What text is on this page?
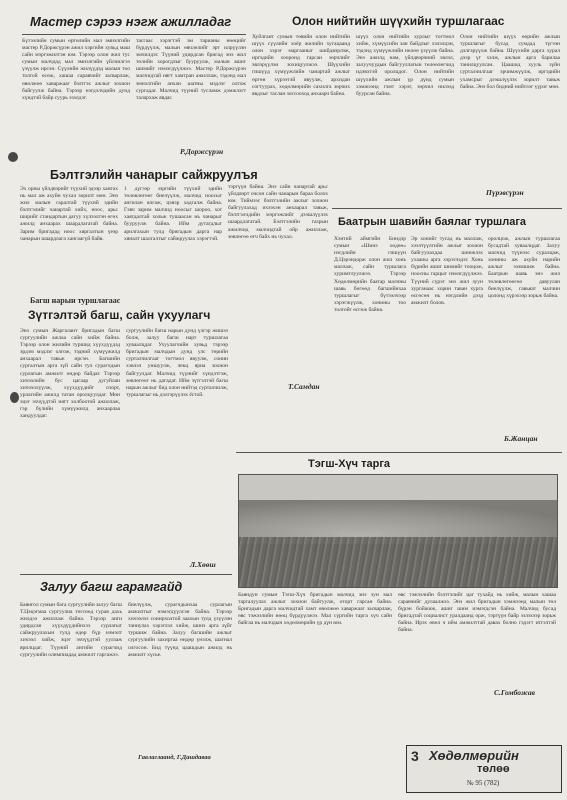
Мастер сэрээ нэгж ажилладаг
Бүтээлийн сумын өртөлийн мал эмнэлгийн мастер Р.Доржсүрэн ажил хэргийн хувьд маш сайн мэргэжилтэн юм. Тэрээр олон жил тус сумын малчдад мал эмнэлгийн үйлчилгээ үзүүлж ирсэн. Сүүлийн жилүүдэд малын тоо толгой өсөж, хашаа саравчийг засварлаж, өвөлжөө хаваржааг бэлтгэх ажлыг зохион байгуулж байна. Тэрээр нэгдэлчдийн дунд хүндтэй байр суурь эзэлдэг.
тасгаас хэрэгтэй эм тарианы нөөцийг бүрдүүлж, малын өвчлөлийг эрт илрүүлэн эмчилдэг. Түүний удирдсан бригад энэ жил төлийн хорогдлыг бууруулж, малын ашиг шимийг нэмэгдүүлжээ. Мастер Р.Доржсүрэн малчидтай нягт хамтран ажиллаж, тэдэнд мал эмнэлгийн анхан шатны мэдлэг олгож сургадаг. Малчид түүний тусламж дэмжлэгт талархаж явдаг.
Р.Доржсүрэн
Олон нийтийн шүүхийн туршлагаас
Хуйлгант сумын төвийн олон нийтийн шүүх сүүлийн хоёр жилийн хугацаанд олон хэрэг маргааныг шийдвэрлэж, иргэдийн хооронд гарсан зөрчлийг эвлэрүүлэн зохицуулжээ. Шүүхийн гишүүд хүмүүжлийн чанартай ажлыг өргөн хүрээтэй явуулж, архидан согтуурах, хөдөлмөрийн сахилга зөрчих явдлыг таслан зогсооход анхаарч байна.
шүүх олон нийтийн хурлыг тогтмол хийж, хүмүүсийн зан байдлыг хэлэлцэн, тэдэнд хүмүүжлийн нөлөө үзүүлж байна. Энэ ажилд нам, үйлдвэрчний эвлэл, залуучуудын байгууллагын төлөөлөгчид идэвхтэй оролцдог. Олон нийтийн шүүхийн ажлын үр дүнд сумын хэмжээнд гэмт хэрэг, зөрчил нилээд буурсан байна.
Олон нийтийн шүүх өөрийн ажлын туршлагыг бусад сумдад түгээн дэлгэрүүлж байна. Шүүхийн дарга хурал дээр үг хэлж, ажлын арга барилаа танилцуулсан. Цаашид хууль зүйн сурталчилгааг эрчимжүүлж, иргэдийн ухамсрыг дээшлүүлэх зорилт тавьж байна. Энэ бол бидний нийтлэг үүрэг мөн.
Пүрэвсүрэн
Бэлтгэлийн чанарыг сайжруулъя
Эх орны үйлдвэрийг түүхий эдээр хангах нь мал аж ахуйн чухал зорилт мөн. Энэ жил малын гаралтай түүхий эдийн бэлтгэлийг чанартай хийх, ноос, арьс ширийг стандартын дагуу хүлээлгэн өгөх ажилд анхаарах шаардлагатай байна. Зарим бригадад ноос хяргалтын үеэр чанарын шаардлага хангаагүй байв.
1 дүгээр зэргийн түүхий эдийн төлөвлөгөөг биелүүлж, малчид ноосыг ангилан ялгаж, цэвэр хадгалж байна. Гэвч зарим малчид ноосыг шороо, хог хаягдалтай хольж тушаасан нь чанарыг бууруулж байна. Ийм дутагдлыг арилгахын тулд бригадын дарга нар хяналт шалгалтыг сайжруулах хэрэгтэй.
тэргүүн байна. Энэ сайн чанартай арьс үйлдвэрт очсон сайн чанарын бараа болох юм. Тиймээс бэлтгэлийн ажлыг зохион байгуулахад ихээхэн анхаарал тавьж, бэлтгэлчдийн мэргэжлийг дээшлүүлэх шаардлагатай. Бэлтгэлийн газрын ажилчид малчидтай ойр ажиллаж, зөвлөгөө өгч байх нь чухал.
Т.Самдан
Багш нарын туршлагаас
Зүтгэлтэй багш, сайн үхуулагч
Энэ сумын Жаргалант бригадын багш сургуулийн ажлаа сайн хийж байна. Тэрээр олон жилийн туршид хүүхдүүдэд эрдэм мэдлэг олгож, тэдний хүмүүжилд анхаарал тавьж ирсэн. Багшийн сургалтын арга зүй сайн тул сурагчдын сурлагын амжилт өндөр байдаг. Тэрээр хичээлийн бус цагаар дугуйлан хичээллүүлж, хүүхдүүдийг спорт, урлагийн ажилд татан оролцуулдаг. Мөн эцэг эхчүүдтэй нягт холбоотой ажиллаж, гэр бүлийн хүмүүжилд анхаарлаа хандуулдаг.
сургуулийн багш нарын дунд үлгэр жишээ болж, залуу багш нарт туршлагаа хуваалцдаг. Ухуулагчийн хувьд тэрээр бригадын малчдын дунд улс төрийн сурталчилгааг тогтмол явуулж, сонин хэвлэл уншуулж, лекц яриа зохион байгуулдаг. Малчид түүнийг хүндэтгэж, зөвлөгөөг нь дагадаг. Ийм зүтгэлтэй багш нарын ажлыг бид олон нийтэд сурталчилж, туршлагыг нь дэлгэрүүлэх ёстой.
Л.Хөөш
Баатрын шавийн баялаг туршлага
Хэнтий аймгийн Биндэр сумын «Шинэ хөдөө» нэгдлийн гишүүн Д.Цэрэндорж олон жил хонь маллаж, сайн туршлага хуримтлуулжээ. Тэрээр Хөдөлмөрийн баатар малчны шавь бөгөөд багшийнхаа туршлагыг бүтээлчээр хэрэгжүүлж, хонины тоо толгойг өсгөж байна.
Эр хонийг тусад нь маллаж, хээлтүүлгийн ажлыг зохион байгуулахдаа шинжлэх ухааны арга хэрэглэдэг. Хонь бүрийн ашиг шимийг тооцож, ноосны гарцыг нэмэгдүүлжээ. Түүний сүрэг энэ жил зуун хурганаас хорин таван хурга өсгөсөн нь нэгдлийн дээд амжилт болов.
оролцож, ажлын туршлагаа бусадтай хуваалцдаг. Залуу малчид түүнээс суралцаж, хонины аж ахуйн нарийн ажлыг эзэмшиж байна. Баатрын шавь энэ жил төлөвлөгөөгөө давуулан биелүүлж, гавьяат малчин цолонд хүрэхээр зорьж байна.
Б.Жанцан
Тэгш-Хүч тарга
Баяндун сумын Тэгш-Хүч бригадын малчид энэ зун мал таргалуулах ажлыг зохион байгуулж, оторт гарсан байна. Бригадын дарга малчидтай хамт өвөлжөө хаваржааг засварлаж, өвс тэжээлийн нөөц бүрдүүлжээ. Мал сүргийн тарга хүч сайн байгаа нь малчдын хөдөлмөрийн үр дүн юм.
өвс тэжээлийн бэлтгэлийг цаг тухайд нь хийж, малын хашаа саравчийг дулаалжээ. Энэ жил бригадын хэмжээнд малын төл бүрэн бойжиж, ашиг шим нэмэгдсэн байна. Малчид бусад бригадтай социалист уралдаанд орж, тэргүүн байр эзлэхээр зорьж байна. Ирэх өвөл ч ийм амжилттай давах болно гэдэгт итгэлтэй байна.
С.Гомбожав
Залуу багш гарамгайд
Баянгол сумын бага сургуулийн залуу багш Т.Цэцэгмаа сургуулиа төгсөөд гурав дахь жилдээ ажиллаж байна. Тэрээр анги удирдсан хүүхдүүдийнхээ сурлагыг сайжруулахын тулд өдөр бүр нэмэлт хичээл хийж, эцэг эхчүүдтэй уулзаж ярилцдаг. Түүний ангийн сурагчид сургуулийн олимпиадад амжилт гаргажээ.
биелүүлж, сурагчдынхаа сурлагын амжилтыг нэмэгдүүлсэн байна. Тэрээр хичээлээ сонирхолтой заахын тулд үзүүлэн таниулах хэрэглэл хийж, шинэ арга зүйг туршиж байна. Залуу багшийн ажлыг сургуулийн захиргаа өндөр үнэлж, шагнал олгосон. Бид түүнд цаашдын ажилд нь амжилт хүсье.
Гавлаглаанд, Г.Дашдаваа	3 Хөдөлмөрийн
төлөө
№ 95 (782)
